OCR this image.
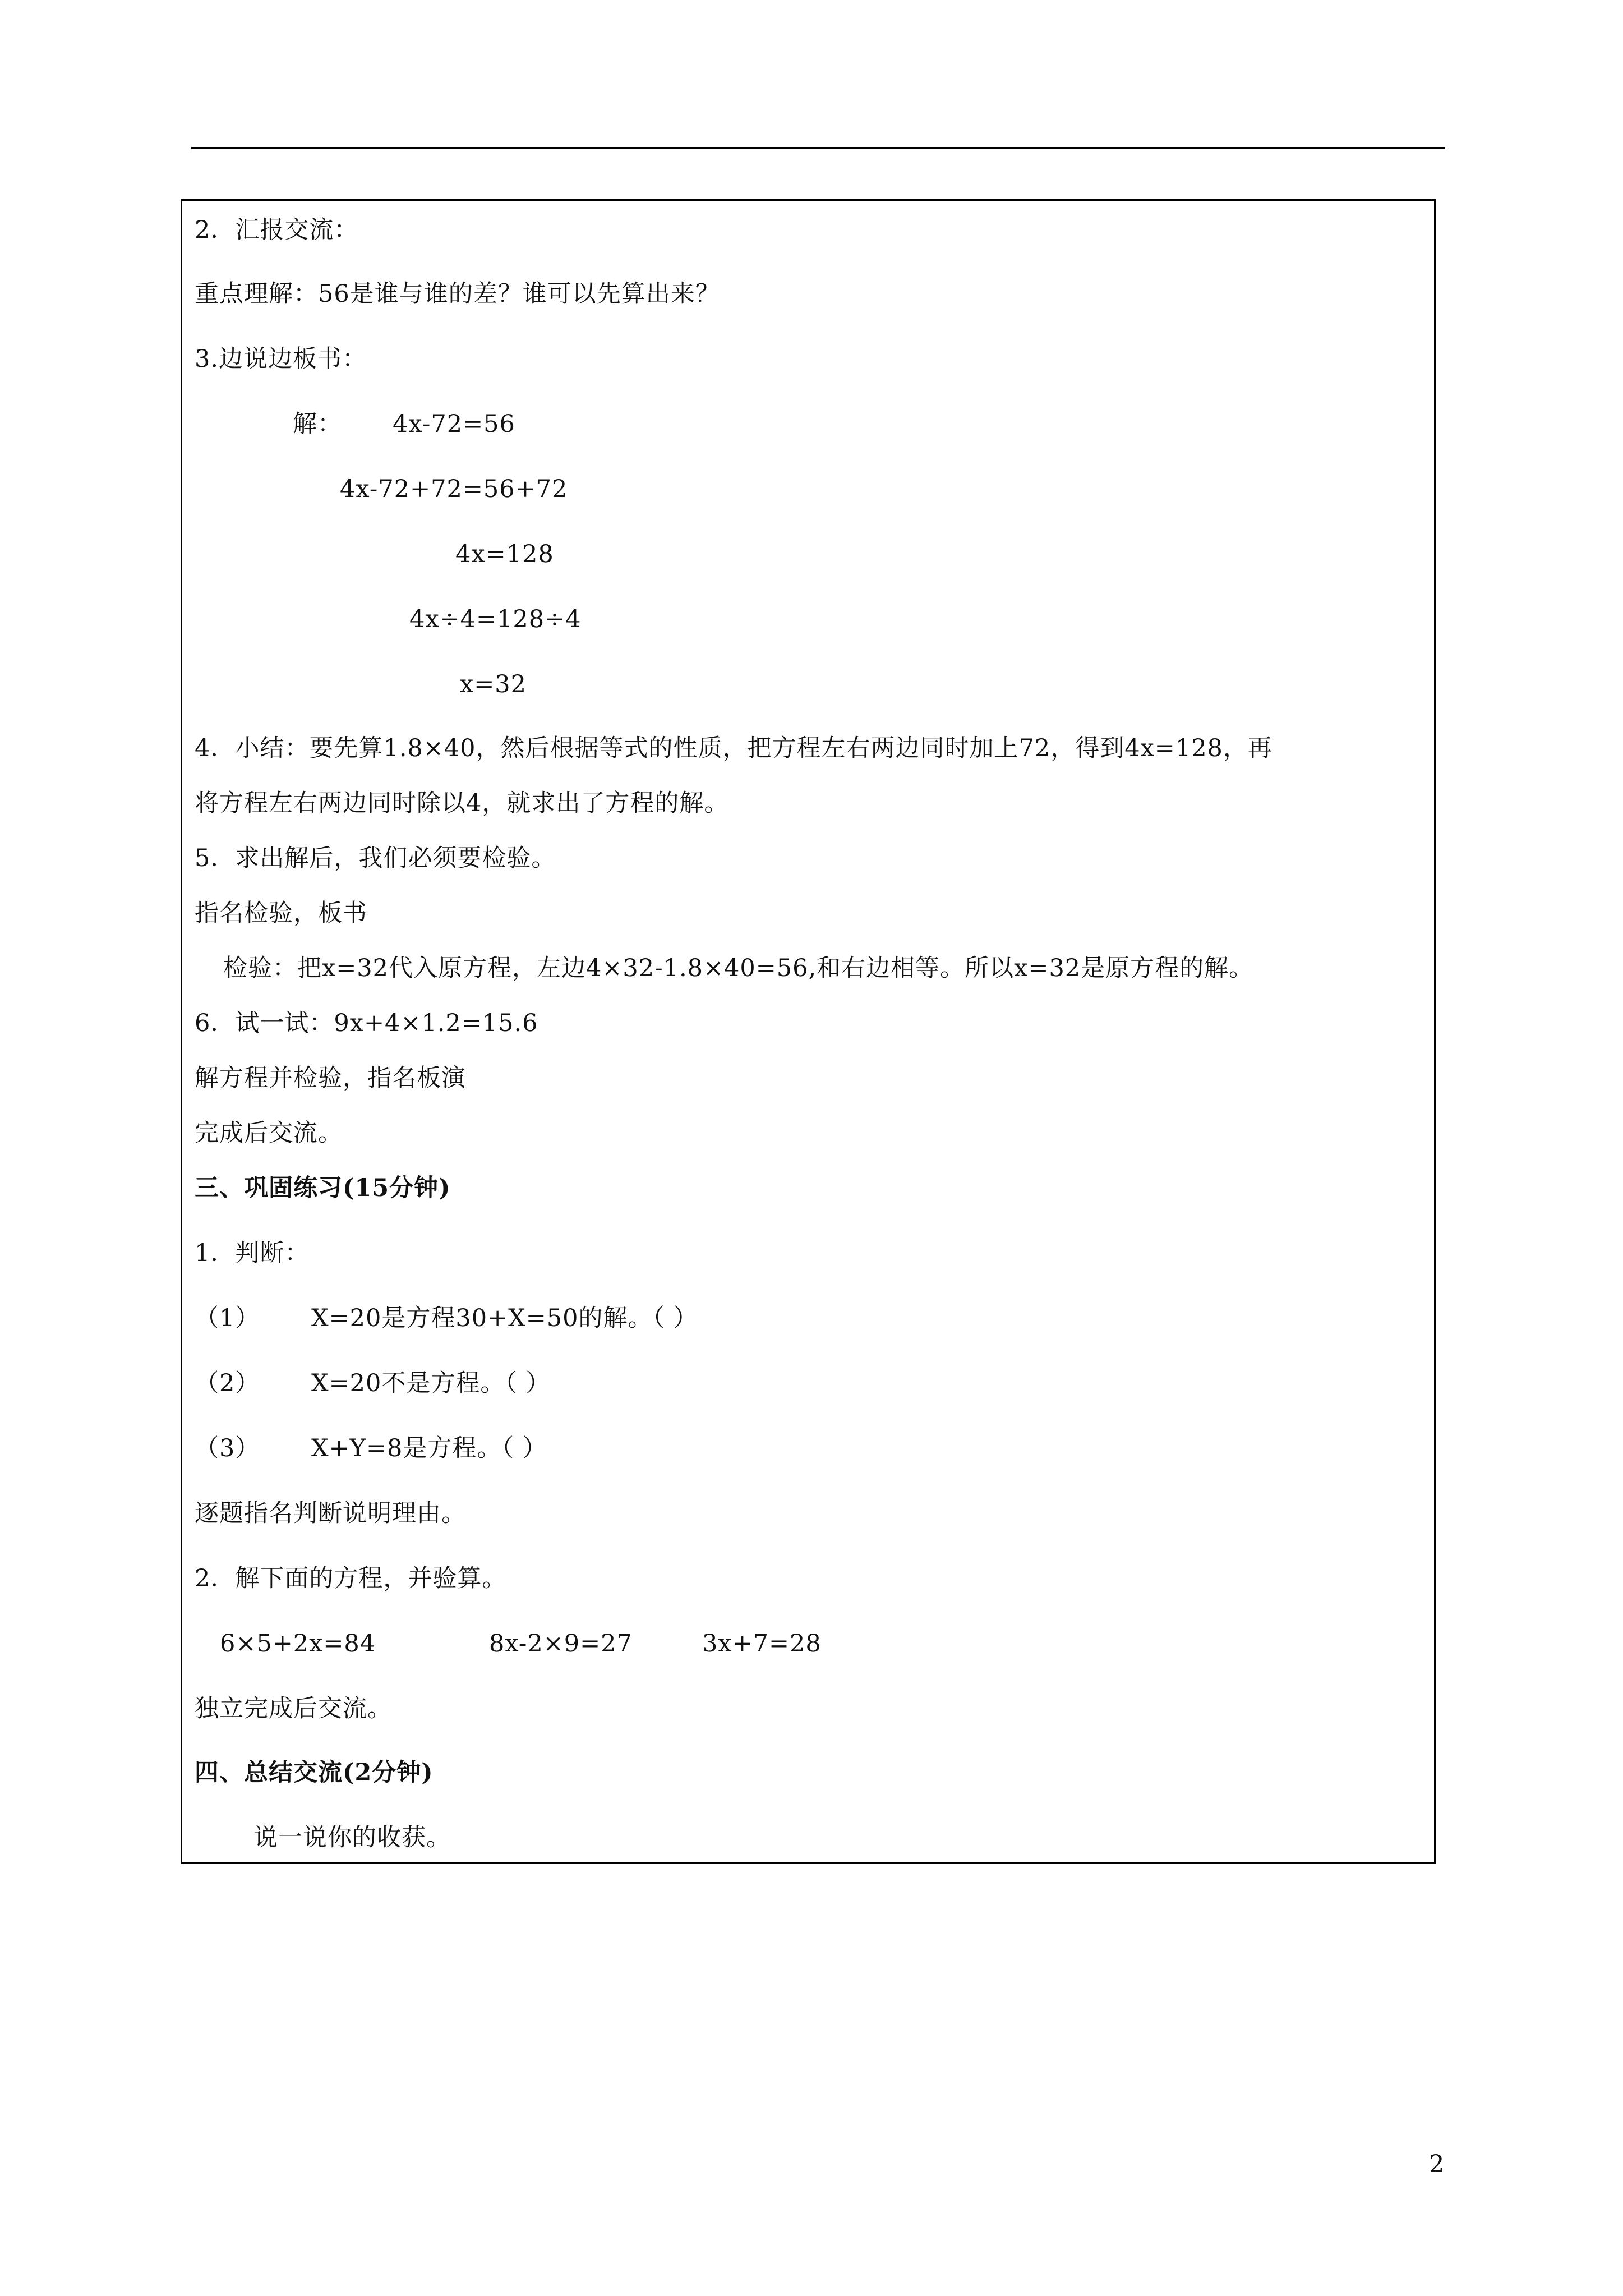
2．汇报交流：
重点理解：56是谁与谁的差？谁可以先算出来？
3.边说边板书：
解： 4x-72=56
4x-72+72=56+72
4x=128
4x÷4=128÷4
x=32
4．小结：要先算1.8×40，然后根据等式的性质，把方程左右两边同时加上72，得到4x=128，再
将方程左右两边同时除以4，就求出了方程的解。
5．求出解后，我们必须要检验。
指名检验，板书
检验：把x=32代入原方程，左边4×32-1.8×40=56,和右边相等。所以x=32是原方程的解。
6．试一试：9x+4×1.2=15.6
解方程并检验，指名板演
完成后交流。
三、巩固练习(15分钟)
1．判断：
（1） X=20是方程30+X=50的解。（ ）
（2） X=20不是方程。（ ）
（3） X+Y=8是方程。（ ）
逐题指名判断说明理由。
2．解下面的方程，并验算。
6×5+2x=84	8x-2×9=27	3x+7=28
独立完成后交流。
四、总结交流(2分钟)
说一说你的收获。
2
